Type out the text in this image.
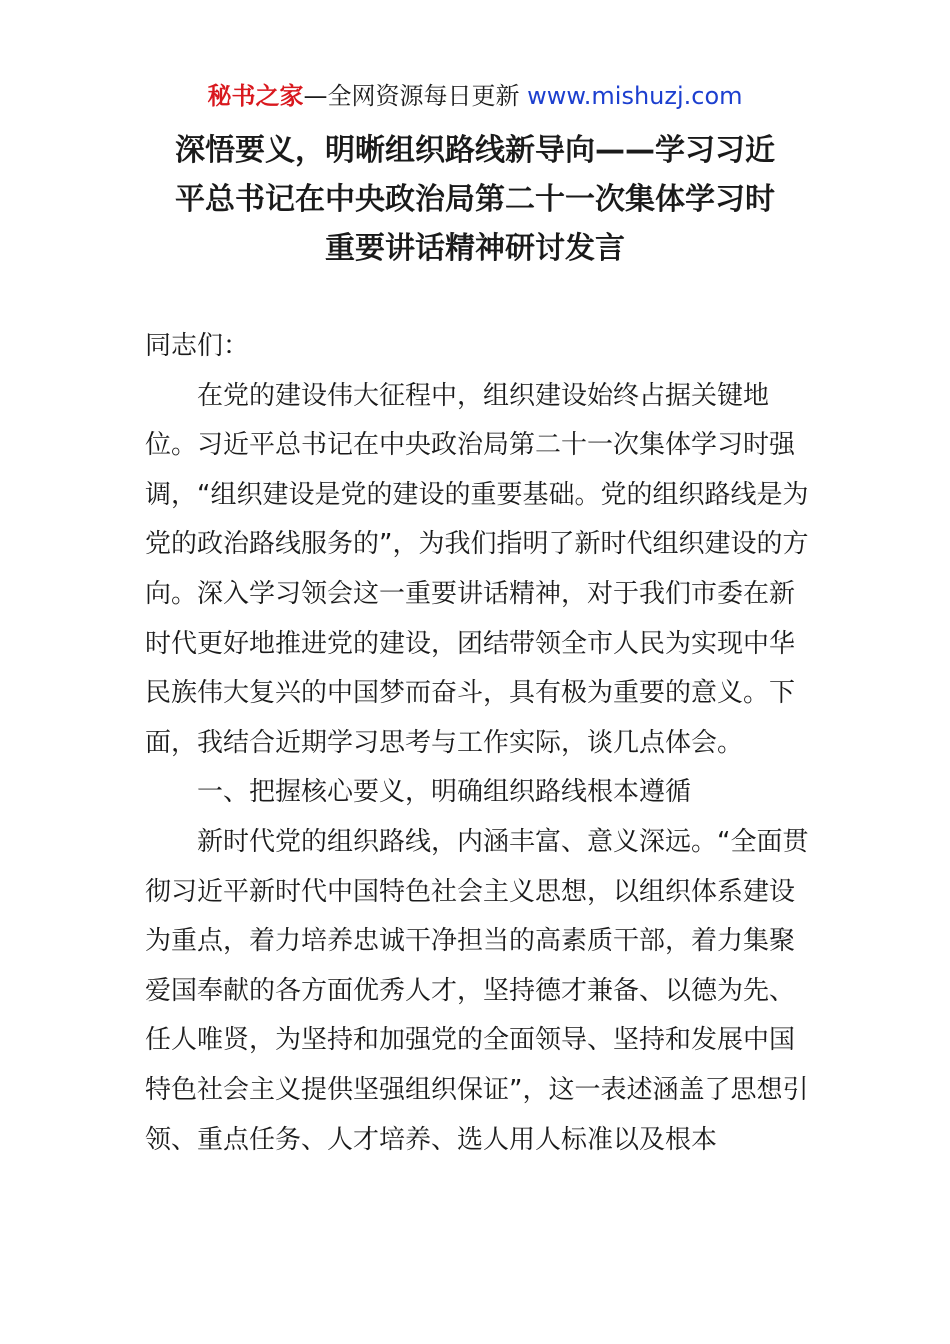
秘书之家—全网资源每日更新 www.mishuzj.com
深悟要义，明晰组织路线新导向——学习习近
平总书记在中央政治局第二十一次集体学习时
重要讲话精神研讨发言

同志们：

在党的建设伟大征程中，组织建设始终占据关键地位。习近平总书记在中央政治局第二十一次集体学习时强调，“组织建设是党的建设的重要基础。党的组织路线是为党的政治路线服务的”，为我们指明了新时代组织建设的方向。深入学习领会这一重要讲话精神，对于我们市委在新时代更好地推进党的建设，团结带领全市人民为实现中华民族伟大复兴的中国梦而奋斗，具有极为重要的意义。下面，我结合近期学习思考与工作实际，谈几点体会。

一、把握核心要义，明确组织路线根本遵循

新时代党的组织路线，内涵丰富、意义深远。“全面贯彻习近平新时代中国特色社会主义思想，以组织体系建设为重点，着力培养忠诚干净担当的高素质干部，着力集聚爱国奉献的各方面优秀人才，坚持德才兼备、以德为先、任人唯贤，为坚持和加强党的全面领导、坚持和发展中国特色社会主义提供坚强组织保证”，这一表述涵盖了思想引领、重点任务、人才培养、选人用人标准以及根本
